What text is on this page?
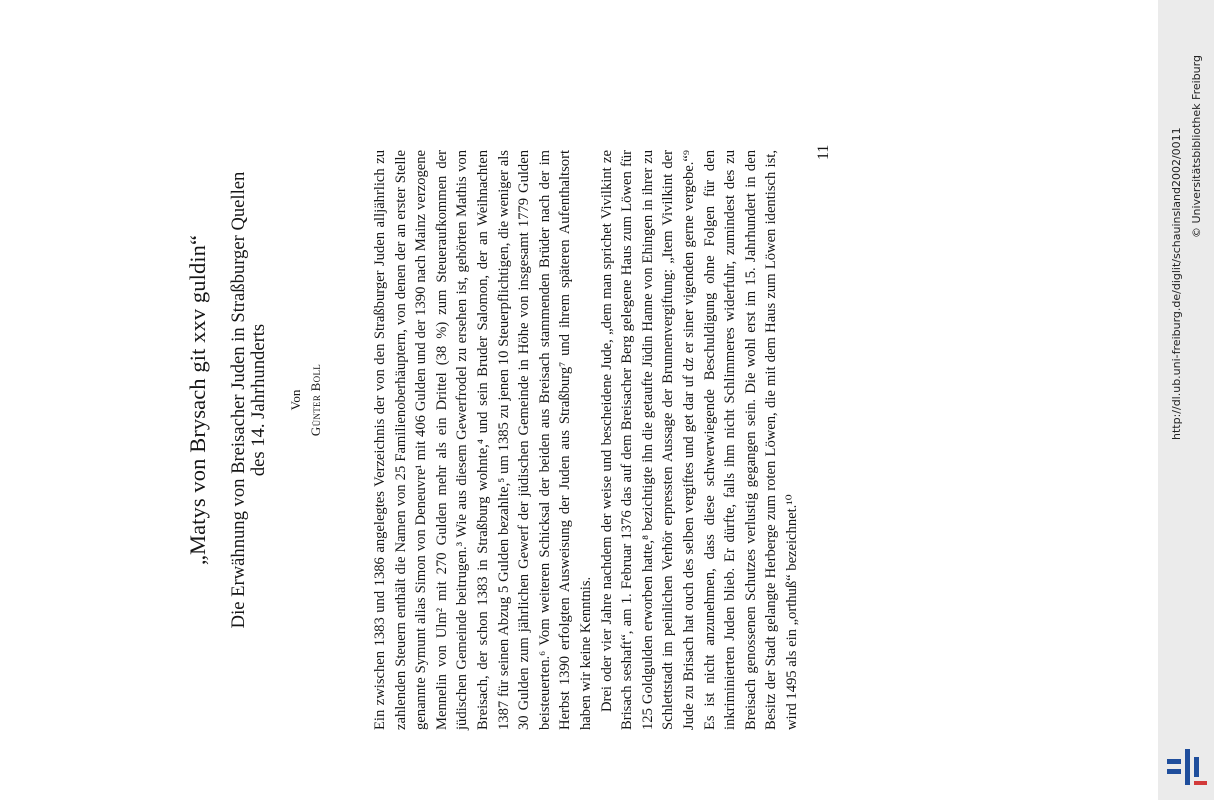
„Matys von Brysach git xxv guldin“ Die Erwähnung von Breisacher Juden in Straßburger Quellen des 14. Jahrhunderts Von Günter Boll	Ein zwischen 1383 und 1386 angelegtes Verzeichnis der von den Straßburger Juden alljährlich zu zahlenden Steuern enthält die Namen von 25 Familienoberhäuptern, von denen der an erster Stelle genannte Symunt alias Simon von Deneuvre¹ mit 406 Gulden und der 1390 nach Mainz verzogene Mennelin von Ulm² mit 270 Gulden mehr als ein Drittel (38 %) zum Steueraufkommen der jüdischen Gemeinde beitrugen.³ Wie aus diesem Gewerfrodel zu ersehen ist, gehörten Mathis von Breisach, der schon 1383 in Straßburg wohnte,⁴ und sein Bruder Salomon, der an Weihnachten 1387 für seinen Abzug 5 Gulden bezahlte,⁵ um 1385 zu jenen 10 Steuerpflichtigen, die weniger als 30 Gulden zum jährlichen Gewerf der jüdischen Gemeinde in Höhe von insgesamt 1779 Gulden beisteuerten.⁶ Vom weiteren Schicksal der beiden aus Breisach stammenden Brüder nach der im Herbst 1390 erfolgten Ausweisung der Juden aus Straßburg⁷ und ihrem späteren Aufenthaltsort haben wir keine Kenntnis. Drei oder vier Jahre nachdem der weise und bescheidene Jude, „dem man sprichet Vivilkint ze Brisach seshaft“, am 1. Februar 1376 das auf dem Breisacher Berg gelegene Haus zum Löwen für 125 Goldgulden erworben hatte,⁸ bezichtigte ihn die getaufte Jüdin Hanne von Ehingen in ihrer zu Schlettstadt im peinlichen Verhör erpressten Aussage der Brunnenvergiftung: „Item Vivilkint der Jude zu Brisach hat ouch des selben vergiftes und get dar uf dz er siner vigenden gerne vergebe.“⁹ Es ist nicht anzunehmen, dass diese schwerwiegende Beschuldigung ohne Folgen für den inkriminierten Juden blieb. Er dürfte, falls ihm nicht Schlimmeres widerfuhr, zumindest des zu Breisach genossenen Schutzes verlustig gegangen sein. Die wohl erst im 15. Jahrhundert in den Besitz der Stadt gelangte Herberge zum roten Löwen, die mit dem Haus zum Löwen identisch ist, wird 1495 als ein „orthuß“ bezeichnet.¹⁰

11	http://dl.ub.uni-freiburg.de/diglit/schauinsland2002/0011 © Universitätsbibliothek Freiburg
